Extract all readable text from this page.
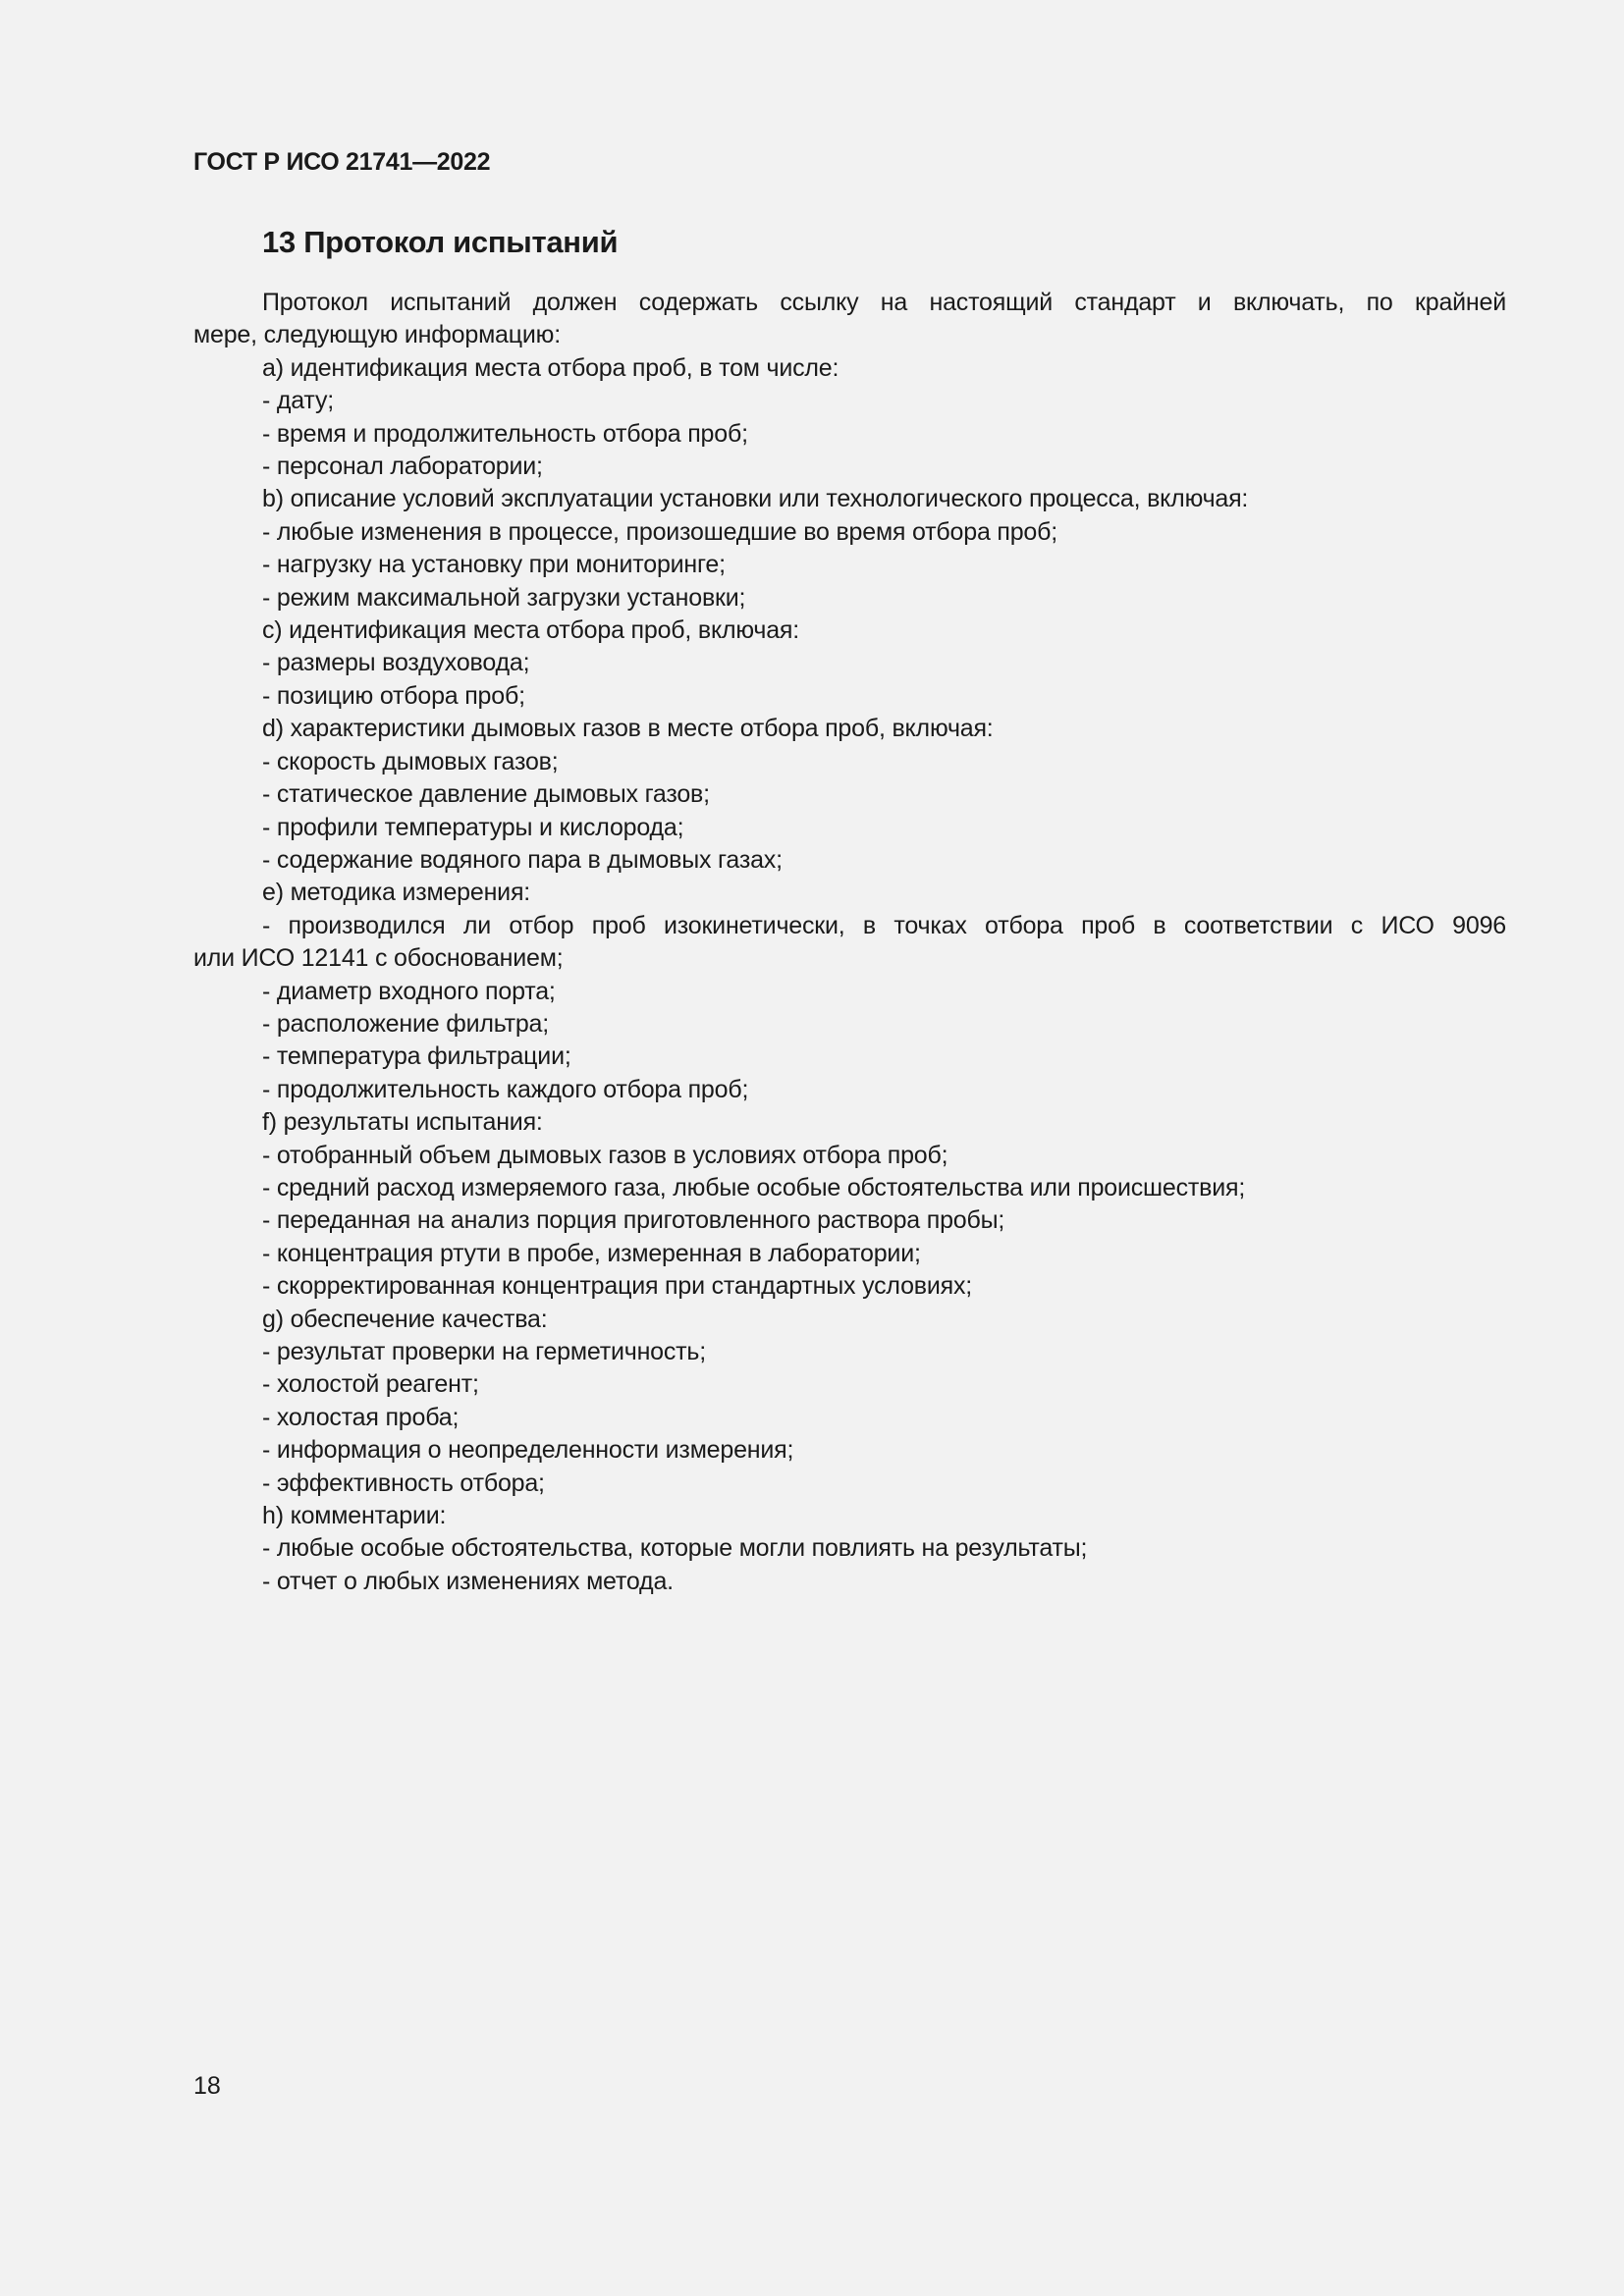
ГОСТ Р ИСО 21741—2022
13 Протокол испытаний
Протокол испытаний должен содержать ссылку на настоящий стандарт и включать, по крайней
мере, следующую информацию:
a) идентификация места отбора проб, в том числе:
- дату;
- время и продолжительность отбора проб;
- персонал лаборатории;
b) описание условий эксплуатации установки или технологического процесса, включая:
- любые изменения в процессе, произошедшие во время отбора проб;
- нагрузку на установку при мониторинге;
- режим максимальной загрузки установки;
c) идентификация места отбора проб, включая:
- размеры воздуховода;
- позицию отбора проб;
d) характеристики дымовых газов в месте отбора проб, включая:
- скорость дымовых газов;
- статическое давление дымовых газов;
- профили температуры и кислорода;
- содержание водяного пара в дымовых газах;
e) методика измерения:
- производился ли отбор проб изокинетически, в точках отбора проб в соответствии с ИСО 9096
или ИСО 12141 с обоснованием;
- диаметр входного порта;
- расположение фильтра;
- температура фильтрации;
- продолжительность каждого отбора проб;
f) результаты испытания:
- отобранный объем дымовых газов в условиях отбора проб;
- средний расход измеряемого газа, любые особые обстоятельства или происшествия;
- переданная на анализ порция приготовленного раствора пробы;
- концентрация ртути в пробе, измеренная в лаборатории;
- скорректированная концентрация при стандартных условиях;
g) обеспечение качества:
- результат проверки на герметичность;
- холостой реагент;
- холостая проба;
- информация о неопределенности измерения;
- эффективность отбора;
h) комментарии:
- любые особые обстоятельства, которые могли повлиять на результаты;
- отчет о любых изменениях метода.
18
